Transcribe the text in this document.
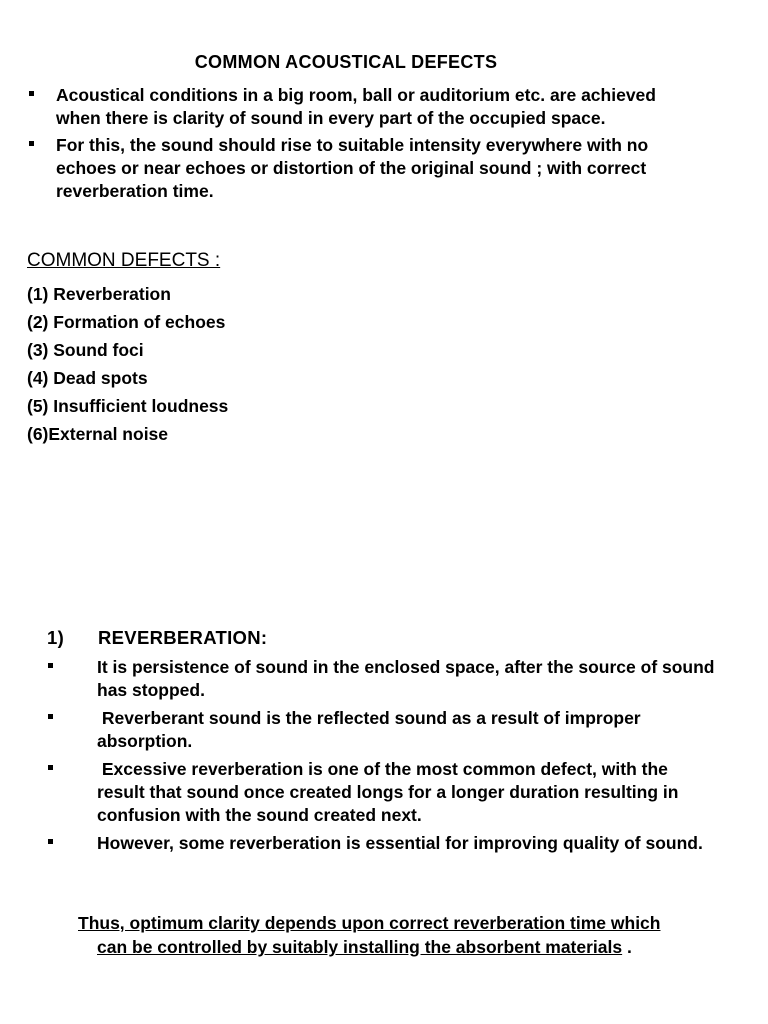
COMMON ACOUSTICAL DEFECTS
Acoustical conditions in a big room, ball or auditorium etc. are achieved when there is clarity of sound in every part of the occupied space.
For this, the sound should rise to suitable intensity everywhere with no echoes or near echoes or distortion of the original sound ; with correct reverberation time.
COMMON DEFECTS :
(1) Reverberation
(2) Formation of echoes
(3) Sound foci
(4) Dead spots
(5) Insufficient loudness
(6)External noise
1) REVERBERATION:
It is persistence of sound in the enclosed space, after the source of sound has stopped.
Reverberant sound is the reflected sound as a result of improper absorption.
Excessive reverberation is one of the most common defect, with the result that sound once created longs for a longer duration resulting in confusion with the sound created next.
However, some reverberation is essential for improving quality of sound.

Thus, optimum clarity depends upon correct reverberation time which
can be controlled by suitably installing the absorbent materials .
